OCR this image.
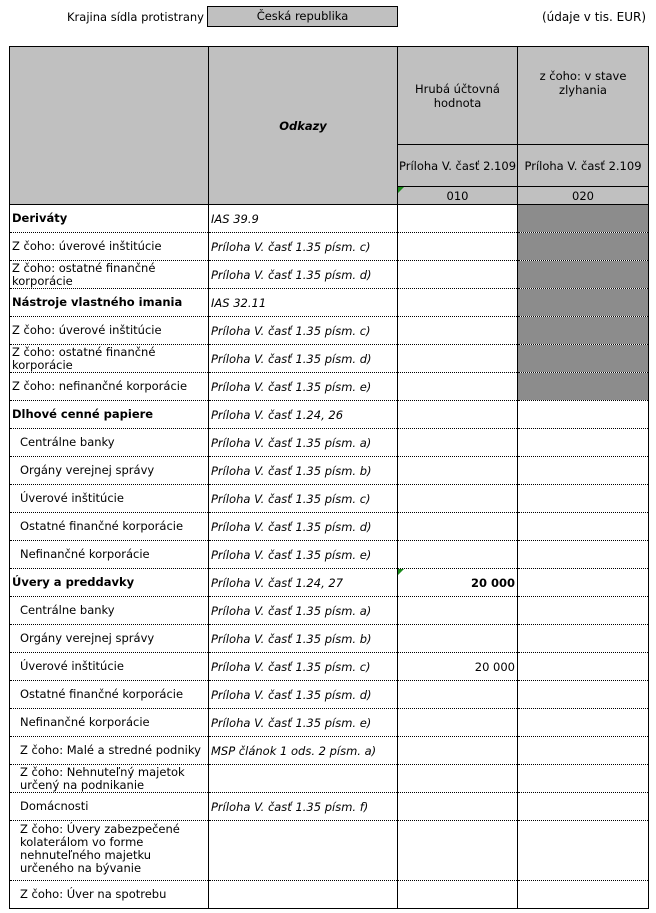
Krajina sídla protistrany	Česká republika	(údaje v tis. EUR)
	Odkazy	Hrubá účtovná hodnota	z čoho: v stave zlyhania
		Príloha V. časť 2.109	Príloha V. časť 2.109
		010	020
Deriváty	IAS 39.9		
Z čoho: úverové inštitúcie	Príloha V. časť 1.35 písm. c)		
Z čoho: ostatné finančné korporácie	Príloha V. časť 1.35 písm. d)		
Nástroje vlastného imania	IAS 32.11		
Z čoho: úverové inštitúcie	Príloha V. časť 1.35 písm. c)		
Z čoho: ostatné finančné korporácie	Príloha V. časť 1.35 písm. d)		
Z čoho: nefinančné korporácie	Príloha V. časť 1.35 písm. e)		
Dlhové cenné papiere	Príloha V. časť 1.24, 26		
Centrálne banky	Príloha V. časť 1.35 písm. a)		
Orgány verejnej správy	Príloha V. časť 1.35 písm. b)		
Úverové inštitúcie	Príloha V. časť 1.35 písm. c)		
Ostatné finančné korporácie	Príloha V. časť 1.35 písm. d)		
Nefinančné korporácie	Príloha V. časť 1.35 písm. e)		
Úvery a preddavky	Príloha V. časť 1.24, 27	20 000	
Centrálne banky	Príloha V. časť 1.35 písm. a)		
Orgány verejnej správy	Príloha V. časť 1.35 písm. b)		
Úverové inštitúcie	Príloha V. časť 1.35 písm. c)	20 000	
Ostatné finančné korporácie	Príloha V. časť 1.35 písm. d)		
Nefinančné korporácie	Príloha V. časť 1.35 písm. e)		
Z čoho: Malé a stredné podniky	MSP článok 1 ods. 2 písm. a)		
Z čoho: Nehnuteľný majetok určený na podnikanie			
Domácnosti	Príloha V. časť 1.35 písm. f)		
Z čoho: Úvery zabezpečené kolaterálom vo forme nehnuteľného majetku určeného na bývanie			
Z čoho: Úver na spotrebu			
